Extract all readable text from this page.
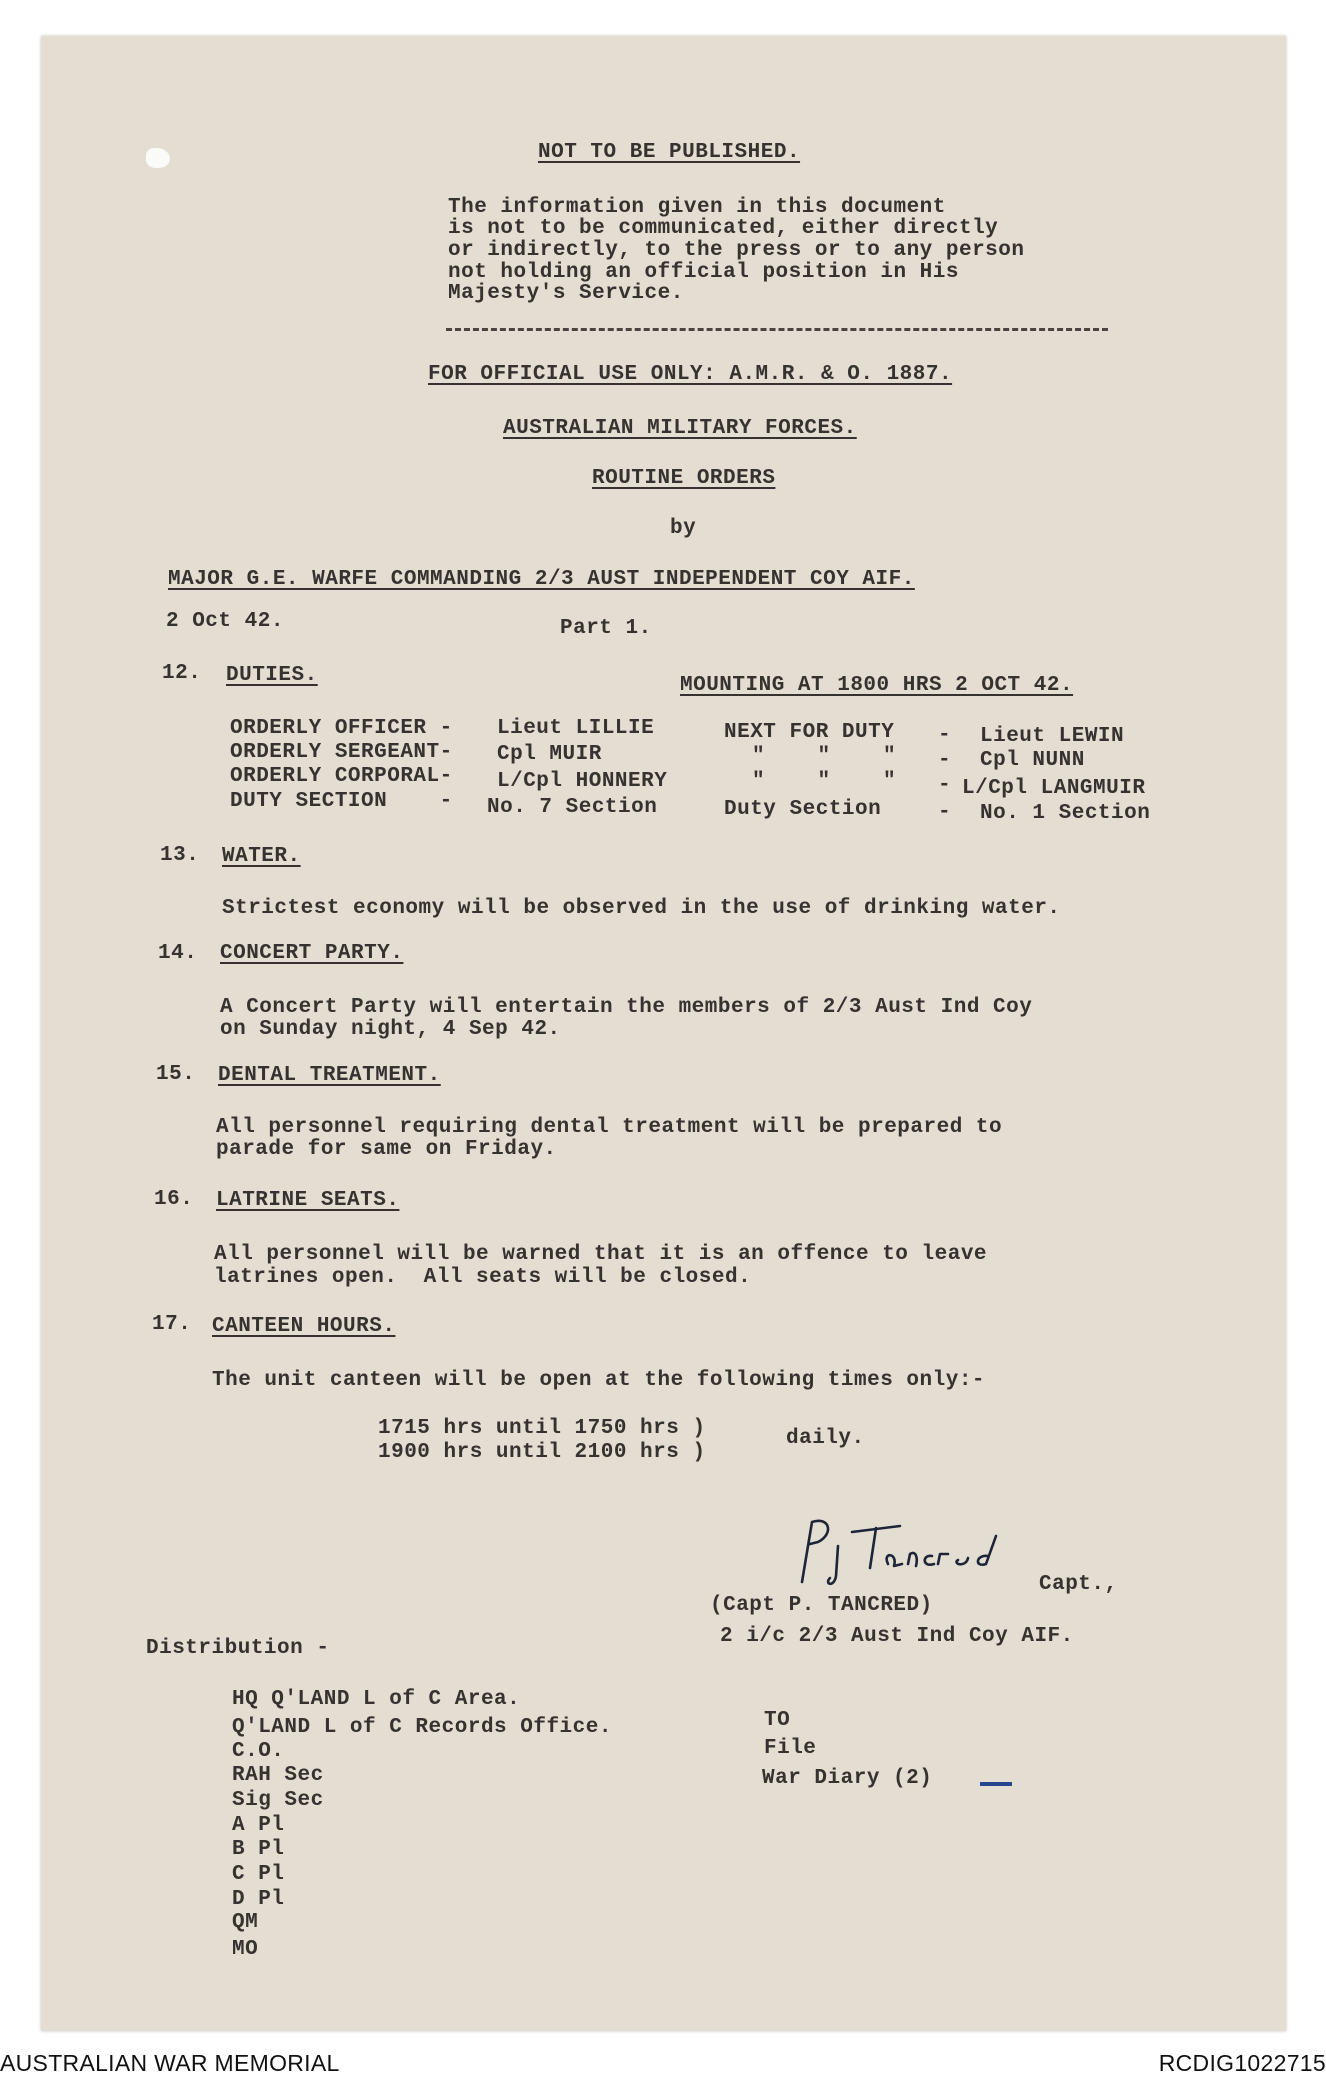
NOT TO BE PUBLISHED.
The information given in this document
is not to be communicated, either directly
or indirectly, to the press or to any person
not holding an official position in His
Majesty's Service.
FOR OFFICIAL USE ONLY: A.M.R. & O. 1887.
AUSTRALIAN MILITARY FORCES.
ROUTINE ORDERS
by
MAJOR G.E. WARFE COMMANDING 2/3 AUST INDEPENDENT COY AIF.
2 Oct 42.	Part 1.
12. DUTIES.	MOUNTING AT 1800 HRS 2 OCT 42.
ORDERLY OFFICER - Lieut LILLIE	NEXT FOR DUTY - Lieut LEWIN
ORDERLY SERGEANT- Cpl MUIR	"    "    " - Cpl NUNN
ORDERLY CORPORAL- L/Cpl HONNERY	"    "    " - L/Cpl LANGMUIR
DUTY SECTION    - No. 7 Section	Duty Section	- No. 1 Section
13. WATER.
Strictest economy will be observed in the use of drinking water.
14. CONCERT PARTY.
A Concert Party will entertain the members of 2/3 Aust Ind Coy
on Sunday night, 4 Sep 42.
15. DENTAL TREATMENT.
All personnel requiring dental treatment will be prepared to
parade for same on Friday.
16. LATRINE SEATS.
All personnel will be warned that it is an offence to leave
latrines open.  All seats will be closed.
17. CANTEEN HOURS.
The unit canteen will be open at the following times only:-
1715 hrs until 1750 hrs )
1900 hrs until 2100 hrs )
daily.
Capt.,
(Capt P. TANCRED)
2 i/c 2/3 Aust Ind Coy AIF.
Distribution -
HQ Q'LAND L of C Area.
Q'LAND L of C Records Office.
C.O.
RAH Sec
Sig Sec
A Pl
B Pl
C Pl
D Pl
QM
MO
TO
File
War Diary (2)
AUSTRALIAN WAR MEMORIAL	RCDIG1022715
